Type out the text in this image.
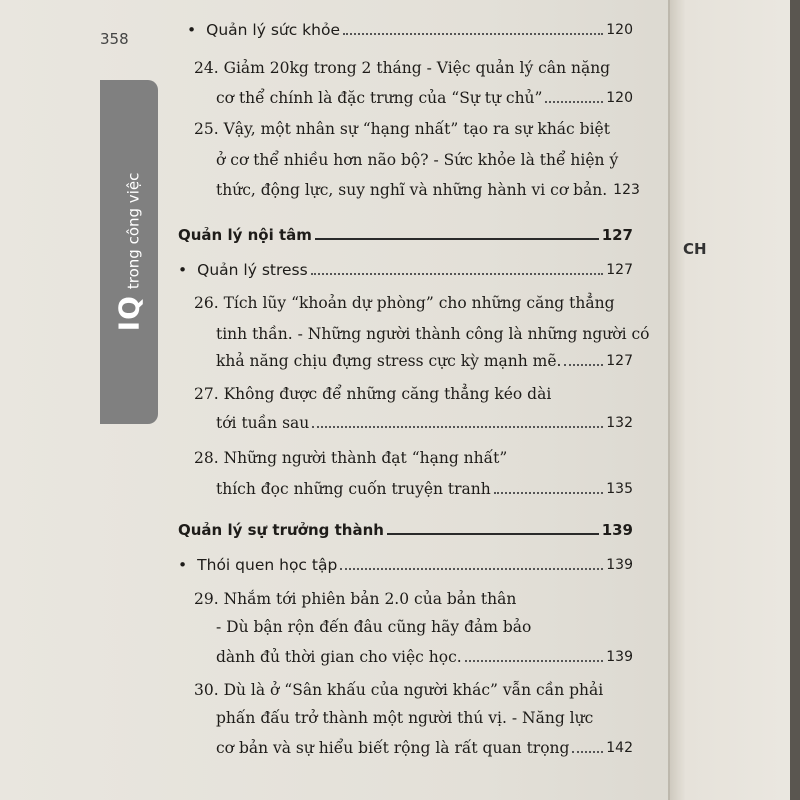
CH
358
IQtrong công việc
• Quản lý sức khỏe	120
24. Giảm 20kg trong 2 tháng - Việc quản lý cân nặng
cơ thể chính là đặc trưng của “Sự tự chủ”	120
25. Vậy, một nhân sự “hạng nhất” tạo ra sự khác biệt
ở cơ thể nhiều hơn não bộ? - Sức khỏe là thể hiện ý
thức, động lực, suy nghĩ và những hành vi cơ bản. 123
Quản lý nội tâm	127
• Quản lý stress	127
26. Tích lũy “khoản dự phòng” cho những căng thẳng
tinh thần. - Những người thành công là những người có
khả năng chịu đựng stress cực kỳ mạnh mẽ.	127
27. Không được để những căng thẳng kéo dài
tới tuần sau	132
28. Những người thành đạt “hạng nhất”
thích đọc những cuốn truyện tranh	135
Quản lý sự trưởng thành	139
• Thói quen học tập	139
29. Nhắm tới phiên bản 2.0 của bản thân
- Dù bận rộn đến đâu cũng hãy đảm bảo
dành đủ thời gian cho việc học.	139
30. Dù là ở “Sân khấu của người khác” vẫn cần phải
phấn đấu trở thành một người thú vị. - Năng lực
cơ bản và sự hiểu biết rộng là rất quan trọng	142
